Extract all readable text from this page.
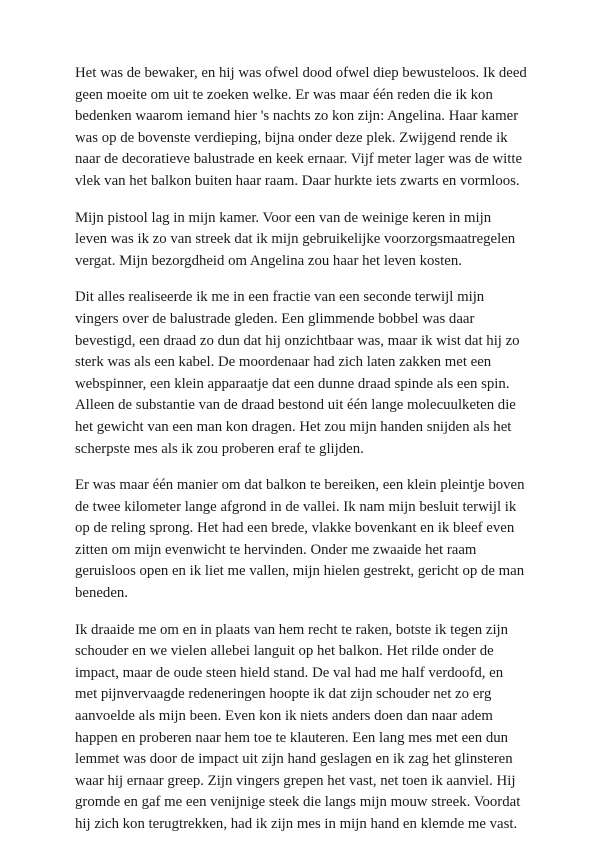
Het was de bewaker, en hij was ofwel dood ofwel diep bewusteloos. Ik deed
geen moeite om uit te zoeken welke. Er was maar één reden die ik kon
bedenken waarom iemand hier 's nachts zo kon zijn: Angelina. Haar kamer
was op de bovenste verdieping, bijna onder deze plek. Zwijgend rende ik
naar de decoratieve balustrade en keek ernaar. Vijf meter lager was de witte
vlek van het balkon buiten haar raam. Daar hurkte iets zwarts en vormloos.

Mijn pistool lag in mijn kamer. Voor een van de weinige keren in mijn
leven was ik zo van streek dat ik mijn gebruikelijke voorzorgsmaatregelen
vergat. Mijn bezorgdheid om Angelina zou haar het leven kosten.

Dit alles realiseerde ik me in een fractie van een seconde terwijl mijn
vingers over de balustrade gleden. Een glimmende bobbel was daar
bevestigd, een draad zo dun dat hij onzichtbaar was, maar ik wist dat hij zo
sterk was als een kabel. De moordenaar had zich laten zakken met een
webspinner, een klein apparaatje dat een dunne draad spinde als een spin.
Alleen de substantie van de draad bestond uit één lange molecuulketen die
het gewicht van een man kon dragen. Het zou mijn handen snijden als het
scherpste mes als ik zou proberen eraf te glijden.

Er was maar één manier om dat balkon te bereiken, een klein pleintje boven
de twee kilometer lange afgrond in de vallei. Ik nam mijn besluit terwijl ik
op de reling sprong. Het had een brede, vlakke bovenkant en ik bleef even
zitten om mijn evenwicht te hervinden. Onder me zwaaide het raam
geruisloos open en ik liet me vallen, mijn hielen gestrekt, gericht op de man
beneden.

Ik draaide me om en in plaats van hem recht te raken, botste ik tegen zijn
schouder en we vielen allebei languit op het balkon. Het rilde onder de
impact, maar de oude steen hield stand. De val had me half verdoofd, en
met pijnvervaagde redeneringen hoopte ik dat zijn schouder net zo erg
aanvoelde als mijn been. Even kon ik niets anders doen dan naar adem
happen en proberen naar hem toe te klauteren. Een lang mes met een dun
lemmet was door de impact uit zijn hand geslagen en ik zag het glinsteren
waar hij ernaar greep. Zijn vingers grepen het vast, net toen ik aanviel. Hij
gromde en gaf me een venijnige steek die langs mijn mouw streek. Voordat
hij zich kon terugtrekken, had ik zijn mes in mijn hand en klemde me vast.
